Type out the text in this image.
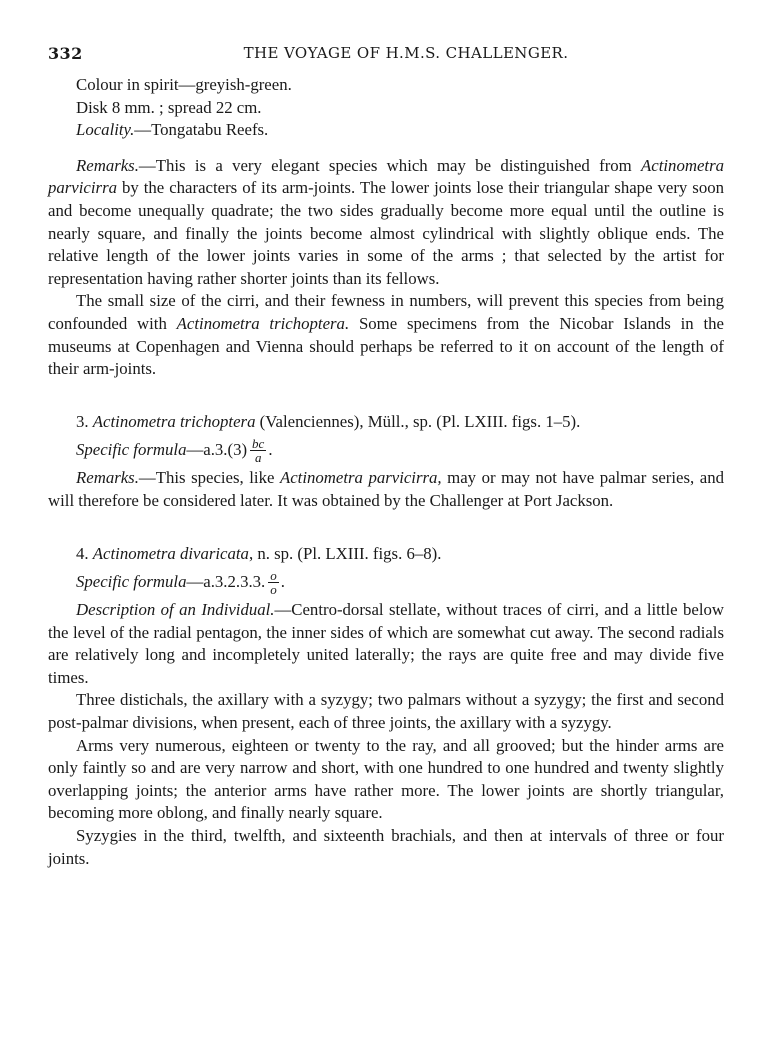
332	THE VOYAGE OF H.M.S. CHALLENGER.

Colour in spirit—greyish-green.

Disk 8 mm. ; spread 22 cm.

Locality.—Tongatabu Reefs.

Remarks.—This is a very elegant species which may be distinguished from Actinometra parvicirra by the characters of its arm-joints. The lower joints lose their triangular shape very soon and become unequally quadrate; the two sides gradually become more equal until the outline is nearly square, and finally the joints become almost cylindrical with slightly oblique ends. The relative length of the lower joints varies in some of the arms ; that selected by the artist for representation having rather shorter joints than its fellows.

The small size of the cirri, and their fewness in numbers, will prevent this species from being confounded with Actinometra trichoptera. Some specimens from the Nicobar Islands in the museums at Copenhagen and Vienna should perhaps be referred to it on account of the length of their arm-joints.

3. Actinometra trichoptera (Valenciennes), Müll., sp. (Pl. LXIII. figs. 1–5).

Specific formula —a.3.(3) $\frac{bc}{a}$ .

Remarks.—This species, like Actinometra parvicirra, may or may not have palmar series, and will therefore be considered later. It was obtained by the Challenger at Port Jackson.

4. Actinometra divaricata, n. sp. (Pl. LXIII. figs. 6–8).

Specific formula —a.3.2.3.3. $\frac{o}{o}$ .

Description of an Individual.—Centro-dorsal stellate, without traces of cirri, and a little below the level of the radial pentagon, the inner sides of which are somewhat cut away. The second radials are relatively long and incompletely united laterally; the rays are quite free and may divide five times.

Three distichals, the axillary with a syzygy; two palmars without a syzygy; the first and second post-palmar divisions, when present, each of three joints, the axillary with a syzygy.

Arms very numerous, eighteen or twenty to the ray, and all grooved; but the hinder arms are only faintly so and are very narrow and short, with one hundred to one hundred and twenty slightly overlapping joints; the anterior arms have rather more. The lower joints are shortly triangular, becoming more oblong, and finally nearly square.

Syzygies in the third, twelfth, and sixteenth brachials, and then at intervals of three or four joints.
